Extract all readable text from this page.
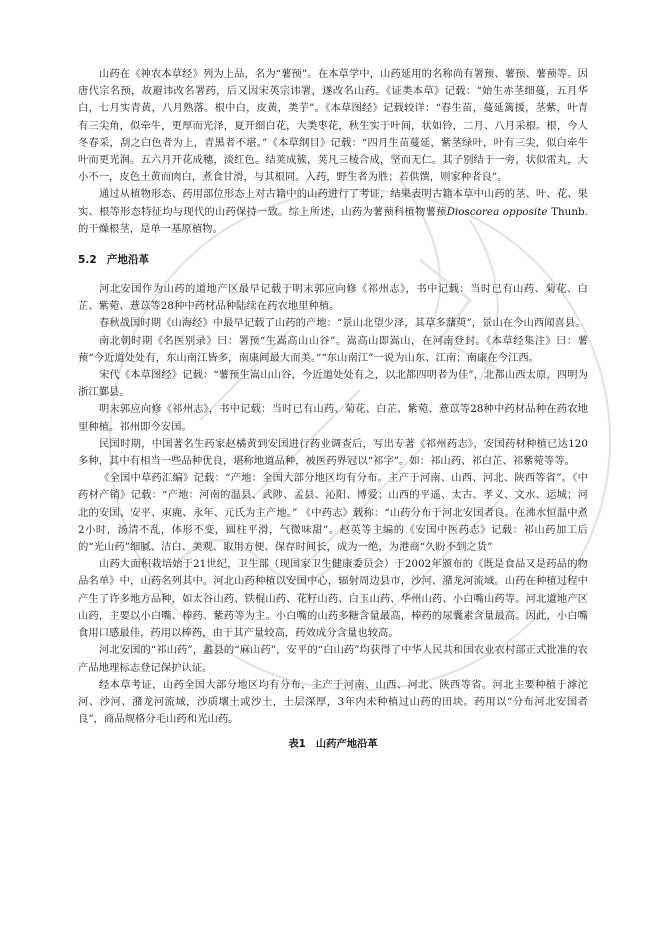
山药在《神农本草经》列为上品，名为“薯预”。在本草学中，山药延用的名称尚有署预、薯预、薯蓣等。因唐代宗名预，故避讳改名署药，后又因宋英宗讳署，遂改名山药。《证类本草》记载：“始生赤茎细蔓，五月华白，七月实青黄，八月熟落。根中白，皮黄，类芋”。《本草图经》记载较详：“春生苗，蔓延篱援，茎紫，叶青有三尖角，似牵牛，更厚而光泽，夏开细白花，大类枣花，秋生实于叶间，状如铃，二月、八月采根。根，今人冬春采，刮之白色者为上，青黑者不堪。”《本草纲目》记载：“四月生苗蔓延，紫茎绿叶，叶有三尖，似白牵牛叶而更光润。五六月开花成穗，淡红色。结荚成簇，荚凡三棱合成，坚而无仁。其子别结于一旁，状似雷丸，大小不一，皮色土黄而肉白，煮食甘滑，与其根同。入药，野生者为胜；若供馔，则家种者良”。

通过从植物形态、药用部位形态上对古籍中的山药进行了考证，结果表明古籍本草中山药的茎、叶、花、果实、根等形态特征均与现代的山药保持一致。综上所述，山药为薯蓣科植物薯蓣Dioscorea opposite Thunb.的干燥根茎，是单一基原植物。

5.2 产地沿革

河北安国作为山药的道地产区最早记载于明末郭应向修《祁州志》，书中记载：当时已有山药、菊花、白芷、紫菀、薏苡等28种中药材品种陆续在药农地里种植。

春秋战国时期《山海经》中最早记载了山药的产地：“景山北望少泽，其草多藷萸”，景山在今山西闻喜县。

南北朝时期《名医别录》曰：署预“生嵩高山山谷”。嵩高山即嵩山，在河南登封。《本草经集注》曰：薯蓣“今近道处处有，东山南江皆多，南康间最大而美。”“东山南江”一说为山东、江南；南康在今江西。

宋代《本草图经》记载：“薯预生嵩山山谷，今近道处处有之，以北都四明者为佳”，北都山西太原，四明为浙江鄞县。

明末郭应向修《祁州志》，书中记载：当时已有山药、菊花、白芷、紫菀、薏苡等28种中药材品种在药农地里种植。祁州即今安国。

民国时期，中国著名生药家赵橘黄到安国进行药业调查后，写出专著《祁州药志》，安国药材种植已达120多种，其中有相当一些品种优良，堪称地道品种，被医药界冠以“祁字”。如：祁山药、祁白芷、祁紫菀等等。

《全国中草药汇编》记载：“产地：全国大部分地区均有分布。主产于河南、山西、河北、陕西等省”。《中药材产销》记载：“产地：河南的温县、武陟、孟县、沁阳、博爱；山西的平遥、太古、孝义、文水、运城；河北的安国、安平、束鹿、永年、元氏为主产地。” 《中药志》载称：“山药分布于河北安国者良。在沸水恒温中煮2小时，汤清不乱，体形不变，圆柱平滑，气微味甜”。赵英等主编的《安国中医药志》记载：祁山药加工后的“光山药”细腻、洁白、美观、取用方便、保存时间长，成为一绝，为港商“久盼不到之货”

山药大面积栽培始于21世纪，卫生部（现国家卫生健康委员会）于2002年颁布的《既是食品又是药品的物品名单》中，山药名列其中。河北山药种植以安国中心，辐射周边县市，沙河、潴龙河流域。山药在种植过程中产生了许多地方品种，如太谷山药、铁棍山药、花籽山药、白玉山药、华州山药、小白嘴山药等。河北道地产区山药，主要以小白嘴、棒药、紫药等为主。小白嘴的山药多糖含量最高，棒药的尿囊素含量最高。因此，小白嘴食用口感最佳，药用以棒药，由于其产量较高，药效成分含量也较高。

河北安国的“祁山药”，蠡县的“麻山药”，安平的“白山药”均获得了中华人民共和国农业农村部正式批准的农产品地理标志登记保护认证。

经本草考证，山药全国大部分地区均有分布，主产于河南、山西、河北、陕西等省。河北主要种植于滹沱河、沙河、潴龙河流域，沙质壤土或沙土，土层深厚，3年内未种植过山药的田块。药用以“分布河北安国者良”，商品规格分毛山药和光山药。

表1 山药产地沿革
